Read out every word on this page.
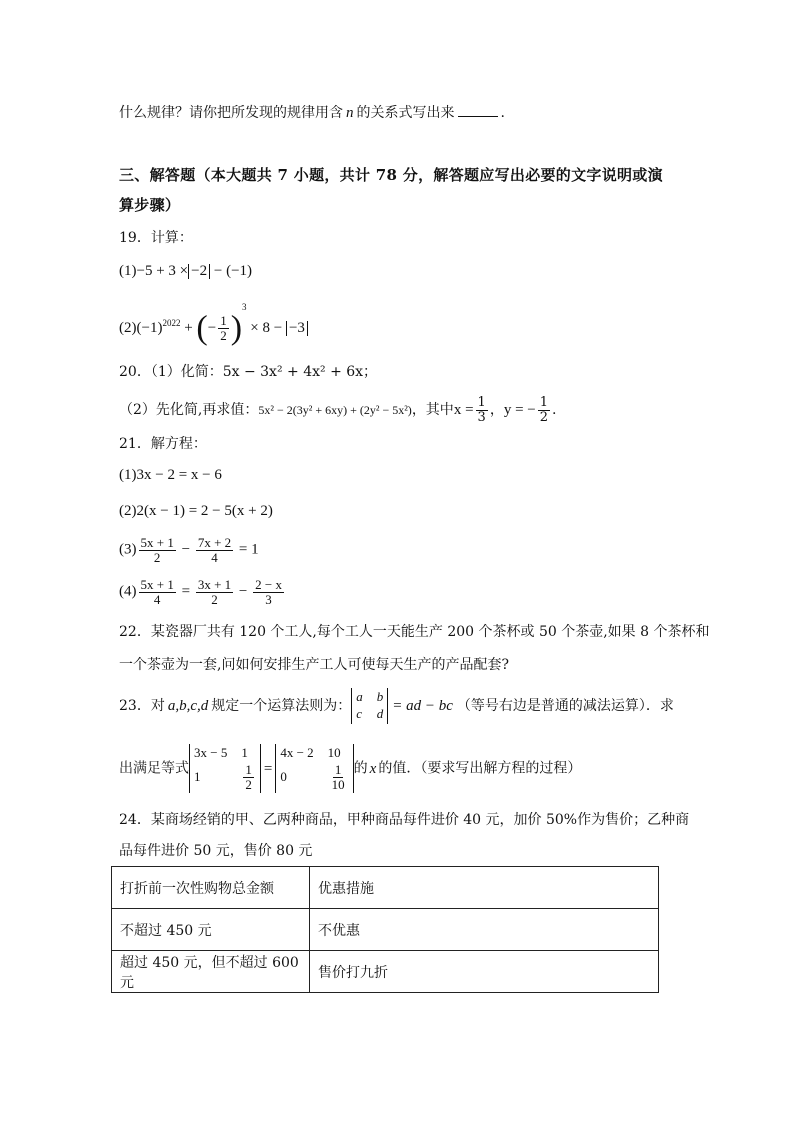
什么规律？请你把所发现的规律用含 n 的关系式写出来	.
三、解答题（本大题共 7 小题，共计 78 分，解答题应写出必要的文字说明或演
算步骤）
19．计算：
(1)−5 + 3 × −2 − (−1)
$(2)(-1)^{2022}$ + (− $\frac{1}{2} )^3 \times 8 - -3$
20．（1）化简：5x − 3x² + 4x² + 6x；
（2）先化简,再求值：5x² − 2(3y² + 6xy) + (2y² − 5x²)，其中$x = \frac{1}{3}$ ，y = − $\frac{1}{2}$ .
21．解方程：
(1)3x − 2 = x − 6
(2)2(x − 1) = 2 − 5(x + 2)
$(3) \frac{5x + 1}{2} - \frac{7x + 2}{4} = 1$
$(4) \frac{5x + 1}{4} = \frac{3x + 1}{2} - \frac{2 - x}{3}$
22．某瓷器厂共有 120 个工人,每个工人一天能生产 200 个茶杯或 50 个茶壶,如果 8 个茶杯和
一个茶壶为一套,问如何安排生产工人可使每天生产的产品配套?
23．对 a,b,c,d 规定一个运算法则为：
a b
c d = ad − bc （等号右边是普通的减法运算）．求
出满足等式
3x − 5 1
1	$\frac{1}{2}$ =
4x − 2 10
0	$\frac{1}{10}$ 的 x 的值．（要求写出解方程的过程）
24．某商场经销的甲、乙两种商品，甲种商品每件进价 40 元，加价 50%作为售价；乙种商
品每件进价 50 元，售价 80 元
打折前一次性购物总金额	优惠措施
不超过 450 元	不优惠
超过 450 元，但不超过 600 元	售价打九折
